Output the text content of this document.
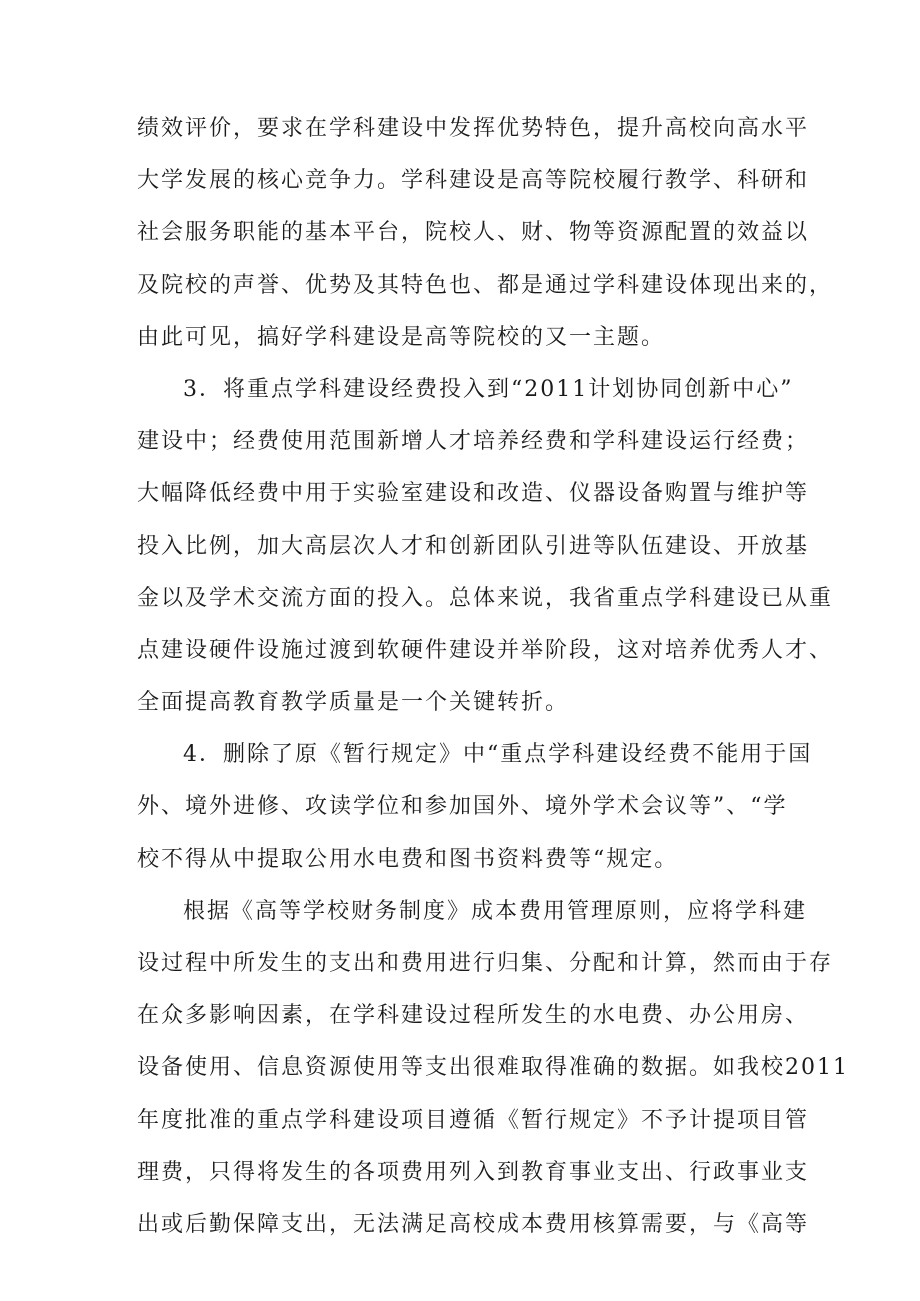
绩效评价，要求在学科建设中发挥优势特色，提升高校向高水平
大学发展的核心竞争力。学科建设是高等院校履行教学、科研和
社会服务职能的基本平台，院校人、财、物等资源配置的效益以
及院校的声誉、优势及其特色也、都是通过学科建设体现出来的，
由此可见，搞好学科建设是高等院校的又一主题。
3．将重点学科建设经费投入到“2011计划协同创新中心”
建设中；经费使用范围新增人才培养经费和学科建设运行经费；
大幅降低经费中用于实验室建设和改造、仪器设备购置与维护等
投入比例，加大高层次人才和创新团队引进等队伍建设、开放基
金以及学术交流方面的投入。总体来说，我省重点学科建设已从重
点建设硬件设施过渡到软硬件建设并举阶段，这对培养优秀人才、
全面提高教育教学质量是一个关键转折。
4．删除了原《暂行规定》中“重点学科建设经费不能用于国
外、境外进修、攻读学位和参加国外、境外学术会议等”、“学
校不得从中提取公用水电费和图书资料费等“规定。
根据《高等学校财务制度》成本费用管理原则，应将学科建
设过程中所发生的支出和费用进行归集、分配和计算，然而由于存
在众多影响因素，在学科建设过程所发生的水电费、办公用房、
设备使用、信息资源使用等支出很难取得准确的数据。如我校2011
年度批准的重点学科建设项目遵循《暂行规定》不予计提项目管
理费，只得将发生的各项费用列入到教育事业支出、行政事业支
出或后勤保障支出，无法满足高校成本费用核算需要，与《高等
